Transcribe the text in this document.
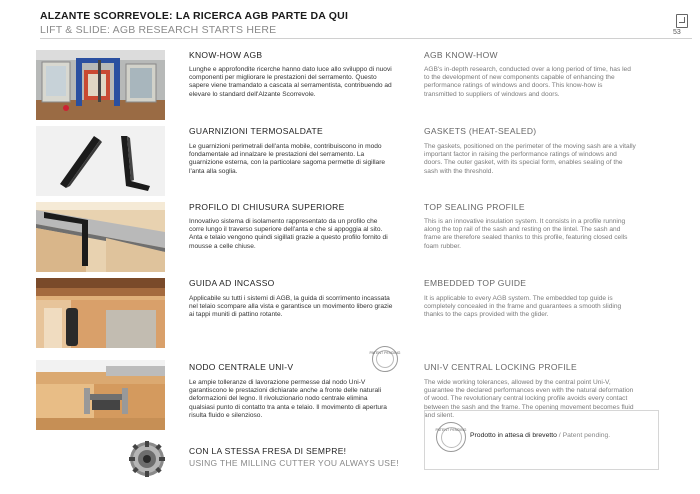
ALZANTE SCORREVOLE: LA RICERCA AGB PARTE DA QUI
LIFT & SLIDE: AGB RESEARCH STARTS HERE	53
KNOW-HOW AGB
Lunghe e approfondite ricerche hanno dato luce allo sviluppo di nuovi componenti per migliorare le prestazioni del serramento. Questo sapere viene tramandato a cascata al serramentista, contribuendo ad elevare lo standard dell'Alzante Scorrevole.
AGB KNOW-HOW
AGB's in-depth research, conducted over a long period of time, has led to the development of new components capable of enhancing the performance ratings of windows and doors. This know-how is transmitted to suppliers of windows and doors.
GUARNIZIONI TERMOSALDATE
Le guarnizioni perimetrali dell'anta mobile, contribuiscono in modo fondamentale ad innalzare le prestazioni del serramento. La guarnizione esterna, con la particolare sagoma permette di sigillare l'anta alla soglia.
GASKETS (HEAT-SEALED)
The gaskets, positioned on the perimeter of the moving sash are a vitally important factor in raising the performance ratings of windows and doors. The outer gasket, with its special form, enables sealing of the sash with the threshold.
PROFILO DI CHIUSURA SUPERIORE
Innovativo sistema di isolamento rappresentato da un profilo che corre lungo il traverso superiore dell'anta e che si appoggia al sito. Anta e telaio vengono quindi sigillati grazie a questo profilo fornito di mousse a celle chiuse.
TOP SEALING PROFILE
This is an innovative insulation system. It consists in a profile running along the top rail of the sash and resting on the lintel. The sash and frame are therefore sealed thanks to this profile, featuring closed cells foam rubber.
GUIDA AD INCASSO
Applicabile su tutti i sistemi di AGB, la guida di scorrimento incassata nel telaio scompare alla vista e garantisce un movimento libero grazie ai tappi muniti di pattino rotante.
EMBEDDED TOP GUIDE
It is applicable to every AGB system. The embedded top guide is completely concealed in the frame and guarantees a smooth sliding thanks to the caps provided with the glider.
NODO CENTRALE UNI-V
Le ampie tolleranze di lavorazione permesse dal nodo Uni-V garantiscono le prestazioni dichiarate anche a fronte delle naturali deformazioni del legno. Il rivoluzionario nodo centrale elimina qualsiasi punto di contatto tra anta e telaio. Il movimento di apertura risulta fluido e silenzioso.
UNI-V CENTRAL LOCKING PROFILE
The wide working tolerances, allowed by the central point Uni-V, guarantee the declared performances even with the natural deformation of wood. The revolutionary central locking profile avoids every contact between the sash and the frame. The opening movement becomes fluid and silent.
PATENT PENDING
CON LA STESSA FRESA DI SEMPRE!
USING THE MILLING CUTTER YOU ALWAYS USE!
PATENT PENDING
Prodotto in attesa di brevetto / Patent pending.
